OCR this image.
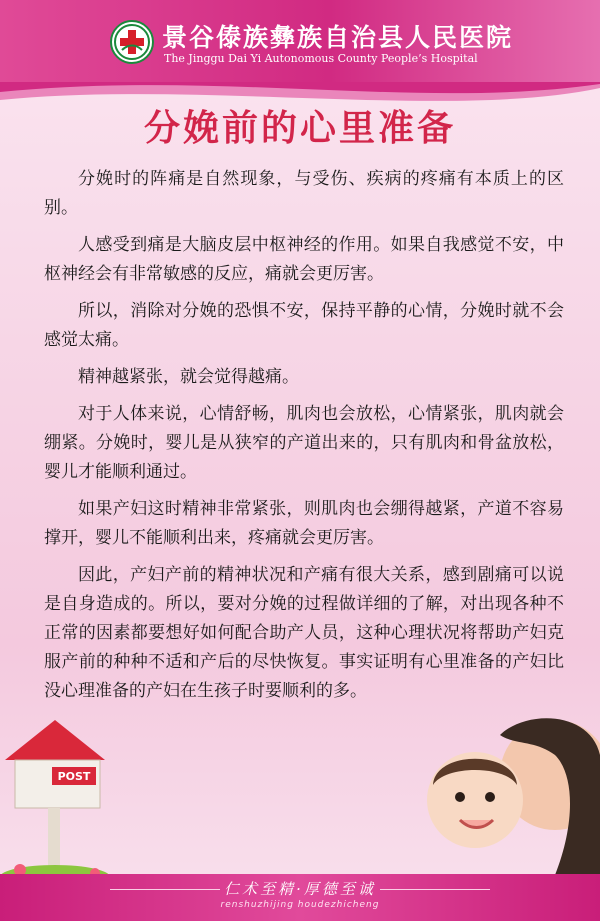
景谷傣族彝族自治县人民医院
The Jinggu Dai Yi Autonomous County People’s Hospital
分娩前的心里准备

分娩时的阵痛是自然现象，与受伤、疾病的疼痛有本质上的区别。

人感受到痛是大脑皮层中枢神经的作用。如果自我感觉不安，中枢神经会有非常敏感的反应，痛就会更厉害。

所以，消除对分娩的恐惧不安，保持平静的心情，分娩时就不会感觉太痛。

精神越紧张，就会觉得越痛。

对于人体来说，心情舒畅，肌肉也会放松，心情紧张，肌肉就会绷紧。分娩时，婴儿是从狭窄的产道出来的，只有肌肉和骨盆放松，婴儿才能顺利通过。

如果产妇这时精神非常紧张，则肌肉也会绷得越紧，产道不容易撑开，婴儿不能顺利出来，疼痛就会更厉害。

因此，产妇产前的精神状况和产痛有很大关系，感到剧痛可以说是自身造成的。所以，要对分娩的过程做详细的了解，对出现各种不正常的因素都要想好如何配合助产人员，这种心理状况将帮助产妇克服产前的种种不适和产后的尽快恢复。事实证明有心里准备的产妇比没心理准备的产妇在生孩子时要顺利的多。

POST
仁术至精·厚德至诚
renshuzhijing houdezhicheng
